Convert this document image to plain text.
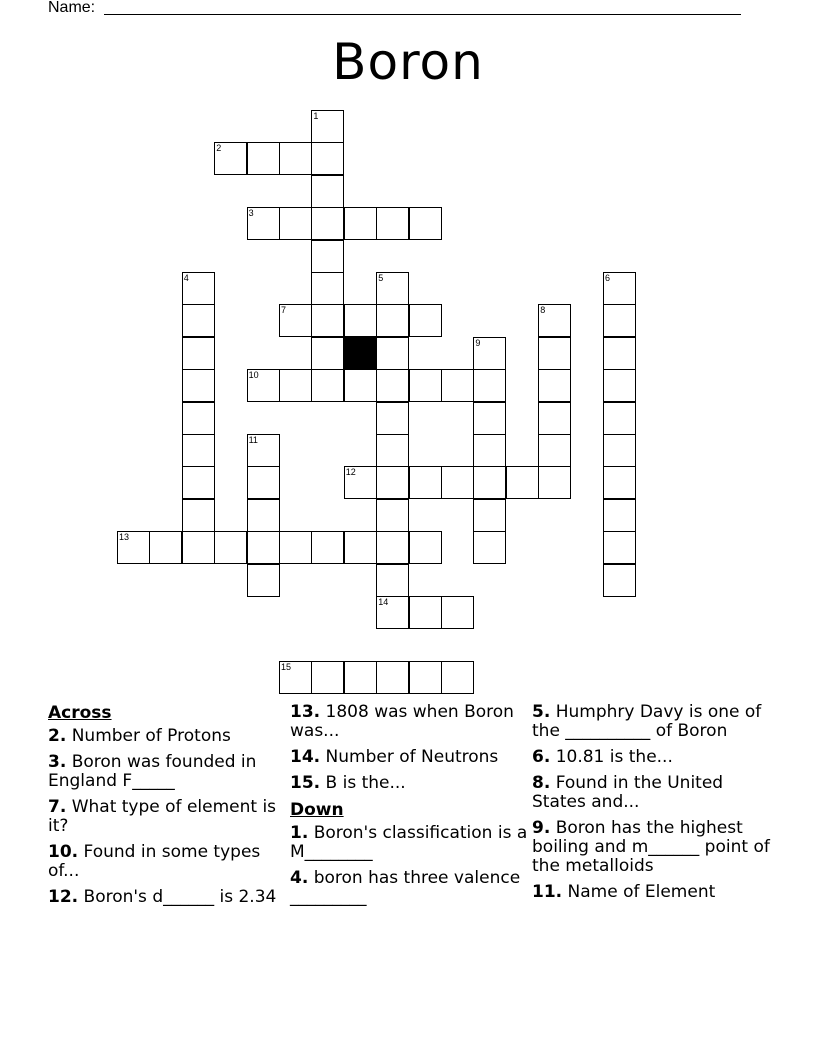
Name:
Boron
1
2
3
4	5	6
7	8
9
10
11
12
13
14
15
Across
2. Number of Protons
3. Boron was founded in England F_____
7. What type of element is it?
10. Found in some types of...
12. Boron's d______ is 2.34
13. 1808 was when Boron was...
14. Number of Neutrons
15. B is the...
Down
1. Boron's classification is a M________
4. boron has three valence _________
5. Humphry Davy is one of the __________ of Boron
6. 10.81 is the...
8. Found in the United States and...
9. Boron has the highest boiling and m______ point of the metalloids
11. Name of Element
